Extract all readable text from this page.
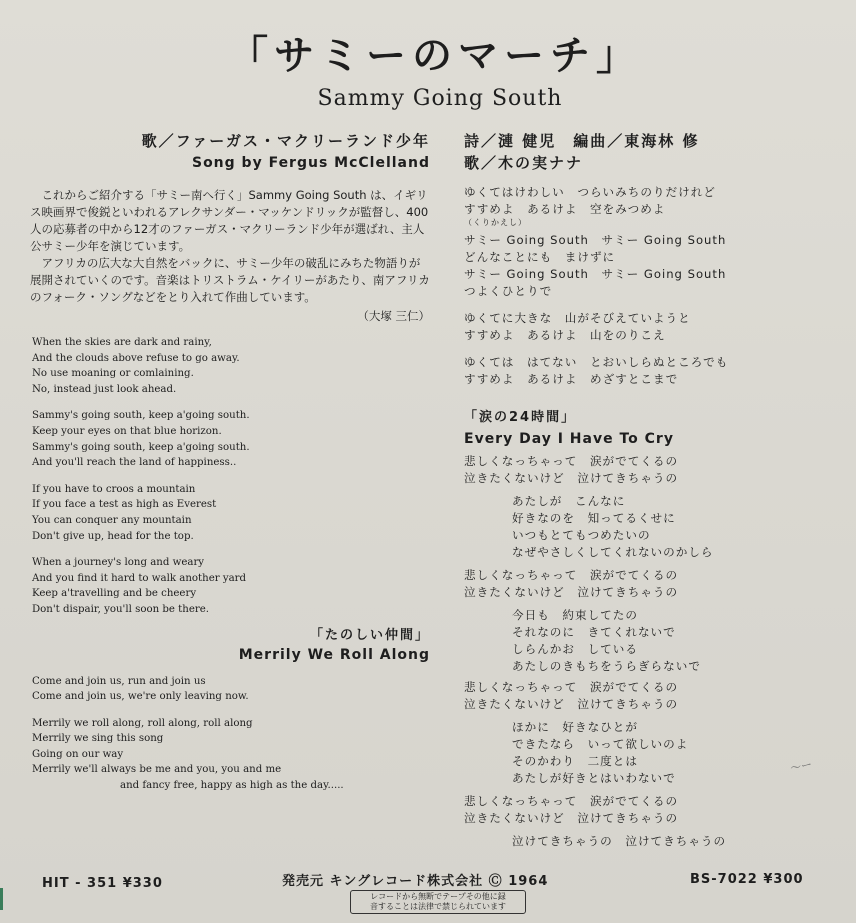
「サミーのマーチ」
Sammy Going South
歌／ファーガス・マクリーランド少年
Song by Fergus McClelland

これからご紹介する「サミー南へ行く」Sammy Going South は、イギリス映画界で俊鋭といわれるアレクサンダー・マッケンドリックが監督し、400 人の応募者の中から12才のファーガス・マクリーランド少年が選ばれ、主人公サミー少年を演じています。

アフリカの広大な大自然をバックに、サミー少年の破乱にみちた物語りが展開されていくのです。音楽はトリストラム・ケイリーがあたり、南アフリカのフォーク・ソングなどをとり入れて作曲しています。

（大塚 三仁）
When the skies are dark and rainy,
And the clouds above refuse to go away.
No use moaning or comlaining.
No, instead just look ahead.
Sammy's going south, keep a'going south.
Keep your eyes on that blue horizon.
Sammy's going south, keep a'going south.
And you'll reach the land of happiness..
If you have to croos a mountain
If you face a test as high as Everest
You can conquer any mountain
Don't give up, head for the top.
When a journey's long and weary
And you find it hard to walk another yard
Keep a'travelling and be cheery
Don't dispair, you'll soon be there.
「たのしい仲間」
Merrily We Roll Along
Come and join us, run and join us
Come and join us, we're only leaving now.
Merrily we roll along, roll along, roll along
Merrily we sing this song
Going on our way
Merrily we'll always be me and you, you and me
and fancy free, happy as high as the day.....
詩／漣 健児　編曲／東海林 修
歌／木の実ナナ
ゆくてはけわしい　つらいみちのりだけれど
すすめよ　あるけよ　空をみつめよ
（くりかえし）
サミー Going South　サミー Going South
どんなことにも　まけずに
サミー Going South　サミー Going South
つよくひとりで
ゆくてに大きな　山がそびえていようと
すすめよ　あるけよ　山をのりこえ
ゆくては　はてない　とおいしらぬところでも
すすめよ　あるけよ　めざすとこまで
「涙の24時間」
Every Day I Have To Cry
悲しくなっちゃって　涙がでてくるの
泣きたくないけど　泣けてきちゃうの
あたしが　こんなに
好きなのを　知ってるくせに
いつもとてもつめたいの
なぜやさしくしてくれないのかしら
悲しくなっちゃって　涙がでてくるの
泣きたくないけど　泣けてきちゃうの
今日も　約束してたの
それなのに　きてくれないで
しらんかお　している
あたしのきもちをうらぎらないで
悲しくなっちゃって　涙がでてくるの
泣きたくないけど　泣けてきちゃうの
ほかに　好きなひとが
できたなら　いって欲しいのよ
そのかわり　二度とは
あたしが好きとはいわないで
悲しくなっちゃって　涙がでてくるの
泣きたくないけど　泣けてきちゃうの
泣けてきちゃうの　泣けてきちゃうの
〜ー
HIT - 351 ¥330	発売元 キングレコード株式会社 Ⓒ 1964	BS-7022 ¥300
レコードから無断でテープその他に録
音することは法律で禁じられています
